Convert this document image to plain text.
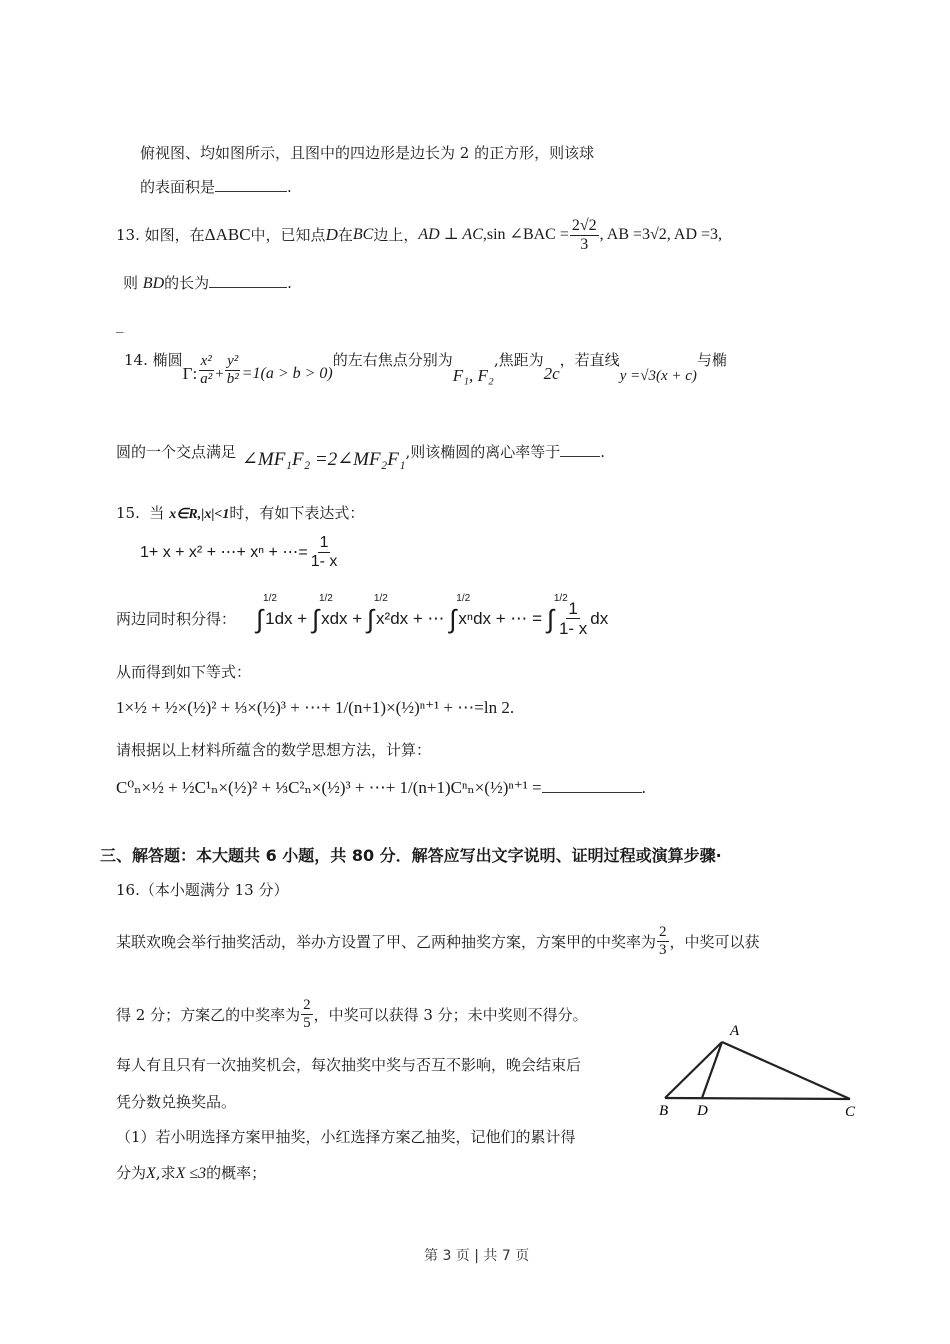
俯视图、均如图所示，且图中的四边形是边长为 2 的正方形，则该球
的表面积是	.
13.
如图，在 ΔABC 中，已知点 D 在 BC 边上， AD ⊥ AC ,sin ∠BAC = $\frac{2√2}{3}$ , AB =3√2 , AD =3,
则 BD的长为	.
_
14.
椭圆
Γ: $\frac{\text{x²}}{\text{a²}} + \frac{\text{y²}}{\text{b²}} =1(a > b > 0)$
的左右焦点分别为
F₁, F₂
,焦距为
2c
，若直线
y =√3(x + c)
与椭
圆的一个交点满足 ∠MF₁F₂ =2∠MF₂F₁ ,则该椭圆的离心率等于	.
15. 当 x∈R,|x|<1时，有如下表达式：
1+ x + x² + ⋯+ xⁿ + ⋯= $\frac{1}{1- x}$
两边同时积分得： ∫
1/2
1dx +
∫
1/2
xdx +
∫
1/2
x²dx + ⋯
∫
1/2
xⁿdx + ⋯ =
∫
1/2
$\frac{1}{1- x}$ dx
从而得到如下等式：
1×½ + ½×(½)² + ⅓×(½)³ + ⋯+ 1/(n+1)×(½)ⁿ⁺¹ + ⋯=ln 2.
请根据以上材料所蕴含的数学思想方法，计算：
C⁰ₙ×½ + ½C¹ₙ×(½)² + ⅓C²ₙ×(½)³ + ⋯+ 1/(n+1)Cⁿₙ×(½)ⁿ⁺¹ =	.
三、解答题：本大题共 6 小题，共 80 分．解答应写出文字说明、证明过程或演算步骤·
16.（本小题满分 13 分）
某联欢晚会举行抽奖活动，举办方设置了甲、乙两种抽奖方案，方案甲的中奖率为 $\frac{2}{3}$ ，中奖可以获
得 2 分；方案乙的中奖率为 $\frac{2}{5}$ ，中奖可以获得 3 分；未中奖则不得分。
每人有且只有一次抽奖机会，每次抽奖中奖与否互不影响，晚会结束后
凭分数兑换奖品。
（1）若小明选择方案甲抽奖，小红选择方案乙抽奖，记他们的累计得
分为X,求X ≤3的概率；
A
B D	C
第 3 页 | 共 7 页
